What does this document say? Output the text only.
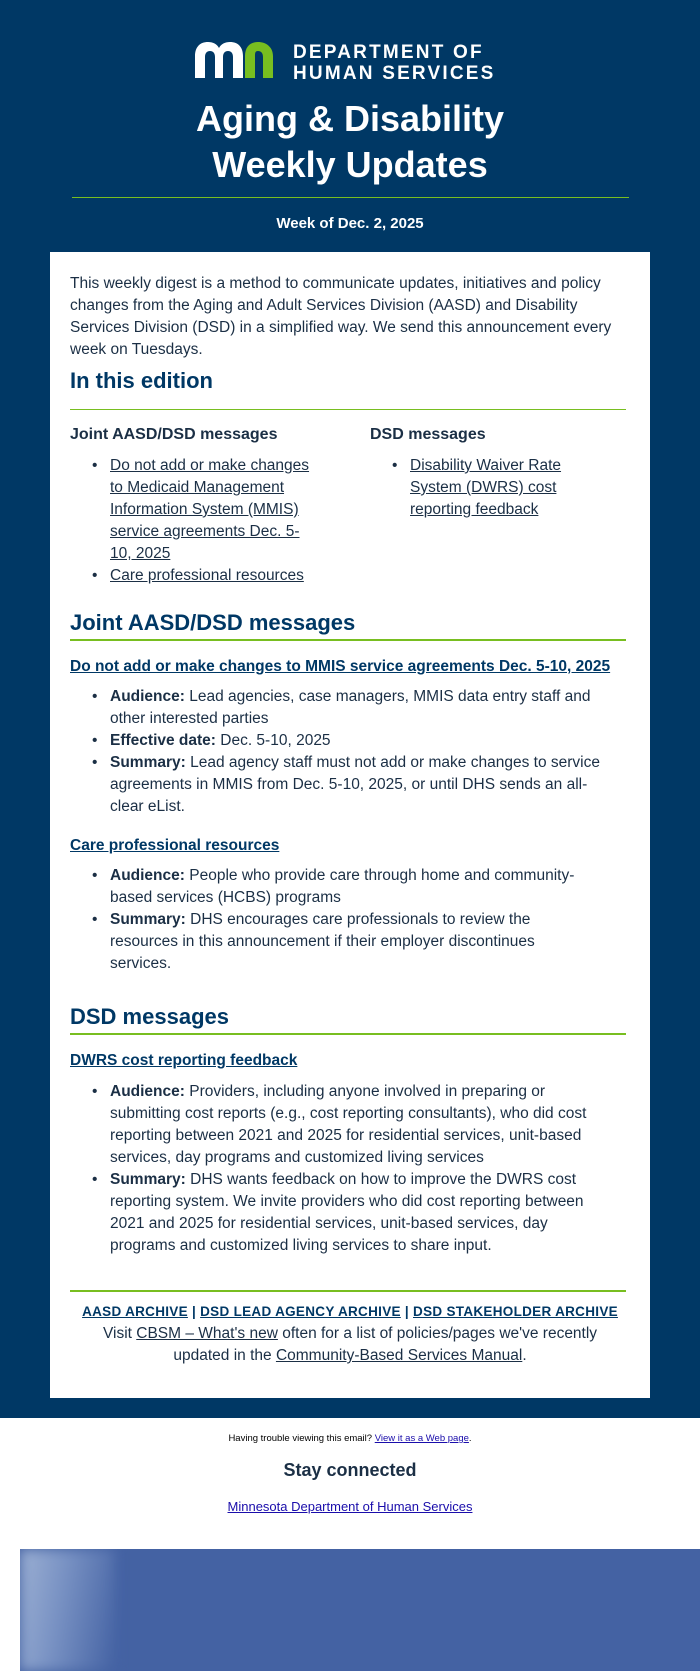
DEPARTMENT OF
HUMAN SERVICES
Aging & Disability
Weekly Updates
Week of Dec. 2, 2025

This weekly digest is a method to communicate updates, initiatives and policy changes from the Aging and Adult Services Division (AASD) and Disability Services Division (DSD) in a simplified way. We send this announcement every week on Tuesdays.

In this edition
Joint AASD/DSD messages
• Do not add or make changes to Medicaid Management Information System (MMIS) service agreements Dec. 5-10, 2025
• Care professional resources
DSD messages
• Disability Waiver Rate System (DWRS) cost reporting feedback
Joint AASD/DSD messages
Do not add or make changes to MMIS service agreements Dec. 5-10, 2025
• Audience: Lead agencies, case managers, MMIS data entry staff and other interested parties
• Effective date: Dec. 5-10, 2025
• Summary: Lead agency staff must not add or make changes to service agreements in MMIS from Dec. 5-10, 2025, or until DHS sends an all-clear eList.
Care professional resources
• Audience: People who provide care through home and community-based services (HCBS) programs
• Summary: DHS encourages care professionals to review the resources in this announcement if their employer discontinues services.
DSD messages
DWRS cost reporting feedback
• Audience: Providers, including anyone involved in preparing or submitting cost reports (e.g., cost reporting consultants), who did cost reporting between 2021 and 2025 for residential services, unit-based services, day programs and customized living services
• Summary: DHS wants feedback on how to improve the DWRS cost reporting system. We invite providers who did cost reporting between 2021 and 2025 for residential services, unit-based services, day programs and customized living services to share input.
AASD ARCHIVE | DSD LEAD AGENCY ARCHIVE | DSD STAKEHOLDER ARCHIVE
Visit CBSM – What's new often for a list of policies/pages we've recently updated in the Community-Based Services Manual.
Having trouble viewing this email? View it as a Web page.
Stay connected
Minnesota Department of Human Services
